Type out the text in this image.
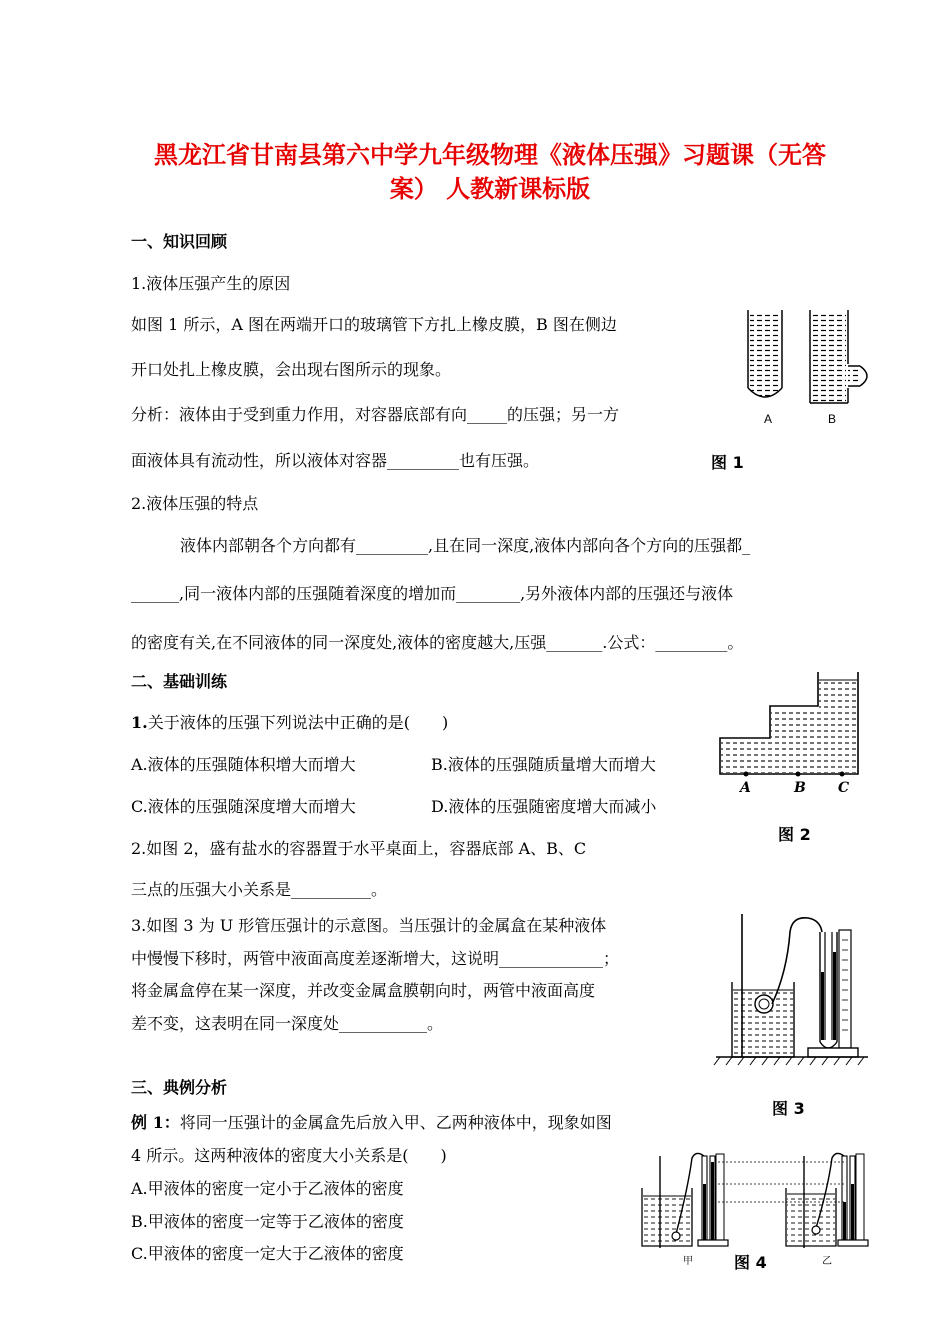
黑龙江省甘南县第六中学九年级物理《液体压强》习题课（无答
案） 人教新课标版
一、知识回顾
1.液体压强产生的原因
如图 1 所示，A 图在两端开口的玻璃管下方扎上橡皮膜，B 图在侧边
开口处扎上橡皮膜，会出现右图所示的现象。
分析：液体由于受到重力作用，对容器底部有向_____的压强；另一方
面液体具有流动性，所以液体对容器_________也有压强。
2.液体压强的特点
液体内部朝各个方向都有_________,且在同一深度,液体内部向各个方向的压强都_
______,同一液体内部的压强随着深度的增加而________,另外液体内部的压强还与液体
的密度有关,在不同液体的同一深度处,液体的密度越大,压强_______.公式：_________。
二、基础训练
1.关于液体的压强下列说法中正确的是(　　)
A.液体的压强随体积增大而增大	B.液体的压强随质量增大而增大
C.液体的压强随深度增大而增大	D.液体的压强随密度增大而减小
2.如图 2，盛有盐水的容器置于水平桌面上，容器底部 A、B、C
三点的压强大小关系是__________。
3.如图 3 为 U 形管压强计的示意图。当压强计的金属盒在某种液体
中慢慢下移时，两管中液面高度差逐渐增大，这说明_____________；
将金属盒停在某一深度，并改变金属盒膜朝向时，两管中液面高度
差不变，这表明在同一深度处___________。
三、典例分析
例 1：将同一压强计的金属盒先后放入甲、乙两种液体中，现象如图
4 所示。这两种液体的密度大小关系是(　　)
A.甲液体的密度一定小于乙液体的密度
B.甲液体的密度一定等于乙液体的密度
C.甲液体的密度一定大于乙液体的密度
A	B
图 1
A	B C
图 2
图 3
甲	图 4	乙
